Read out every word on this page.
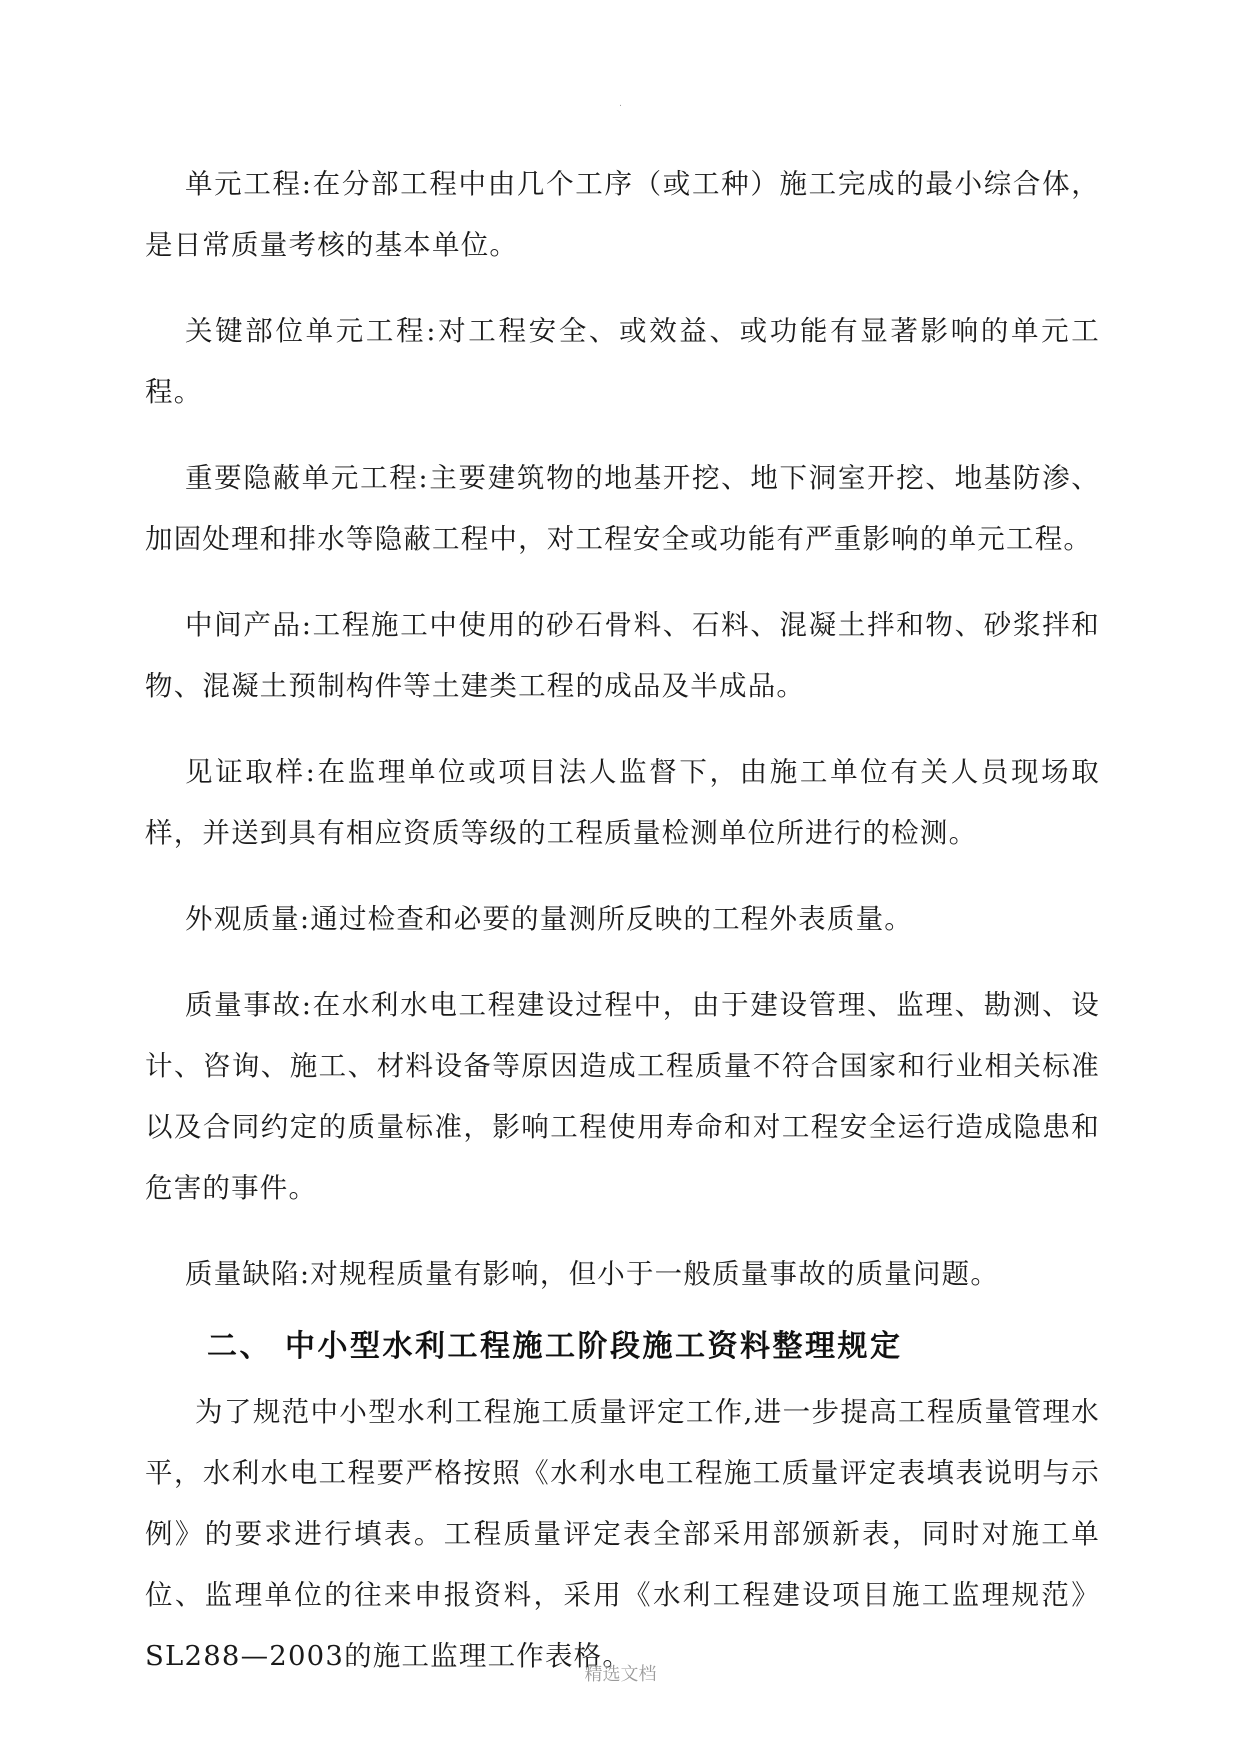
.

单元工程:在分部工程中由几个工序（或工种）施工完成的最小综合体，是日常质量考核的基本单位。

关键部位单元工程:对工程安全、或效益、或功能有显著影响的单元工程。

重要隐蔽单元工程:主要建筑物的地基开挖、地下洞室开挖、地基防渗、加固处理和排水等隐蔽工程中，对工程安全或功能有严重影响的单元工程。

中间产品:工程施工中使用的砂石骨料、石料、混凝土拌和物、砂浆拌和物、混凝土预制构件等土建类工程的成品及半成品。

见证取样:在监理单位或项目法人监督下，由施工单位有关人员现场取样，并送到具有相应资质等级的工程质量检测单位所进行的检测。

外观质量:通过检查和必要的量测所反映的工程外表质量。

质量事故:在水利水电工程建设过程中，由于建设管理、监理、勘测、设计、咨询、施工、材料设备等原因造成工程质量不符合国家和行业相关标准以及合同约定的质量标准，影响工程使用寿命和对工程安全运行造成隐患和危害的事件。

质量缺陷:对规程质量有影响，但小于一般质量事故的质量问题。

二、 中小型水利工程施工阶段施工资料整理规定

为了规范中小型水利工程施工质量评定工作,进一步提高工程质量管理水平，水利水电工程要严格按照《水利水电工程施工质量评定表填表说明与示例》的要求进行填表。工程质量评定表全部采用部颁新表，同时对施工单位、监理单位的往来申报资料，采用《水利工程建设项目施工监理规范》SL288—2003的施工监理工作表格。

精选文档
